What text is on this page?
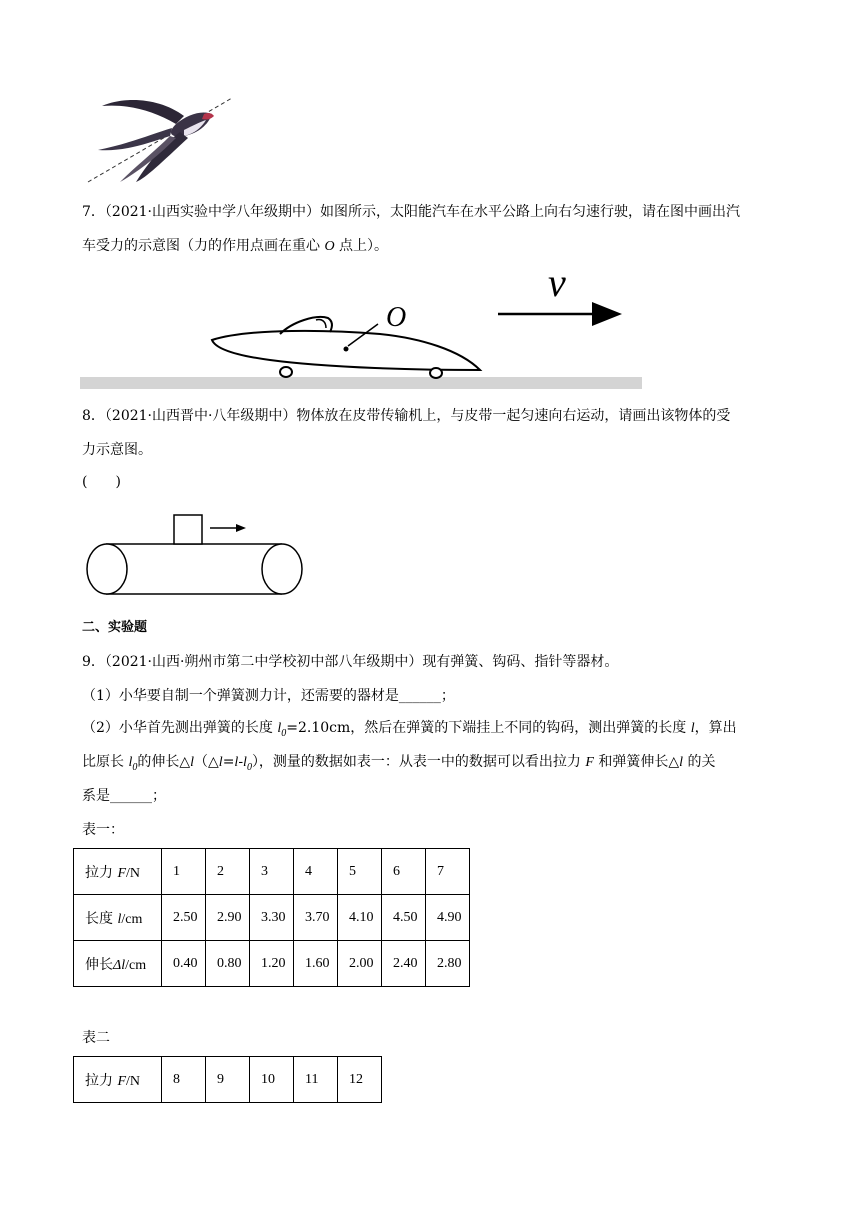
7．（2021·山西实验中学八年级期中）如图所示，太阳能汽车在水平公路上向右匀速行驶，请在图中画出汽
车受力的示意图（力的作用点画在重心 O 点上）。
O
v
8．（2021·山西晋中·八年级期中）物体放在皮带传输机上，与皮带一起匀速向右运动，请画出该物体的受
力示意图。
(　　)
二、实验题
9．（2021·山西·朔州市第二中学校初中部八年级期中）现有弹簧、钩码、指针等器材。
（1）小华要自制一个弹簧测力计，还需要的器材是______；
（2）小华首先测出弹簧的长度 $l_0=2.10cm$，然后在弹簧的下端挂上不同的钩码，测出弹簧的长度 l，算出
比原长 $l_0$的伸长$\triangle l(\triangle l=l-l_0)$，测量的数据如表一：从表一中的数据可以看出拉力 F 和弹簧伸长△l 的关
系是______；
表一：
拉力 F/N	1	2	3	4	5	6	7
长度 l/cm	2.50	2.90	3.30	3.70	4.10	4.50	4.90
伸长Δl/cm	0.40	0.80	1.20	1.60	2.00	2.40	2.80
表二
拉力 F/N	8	9	10	11	12
